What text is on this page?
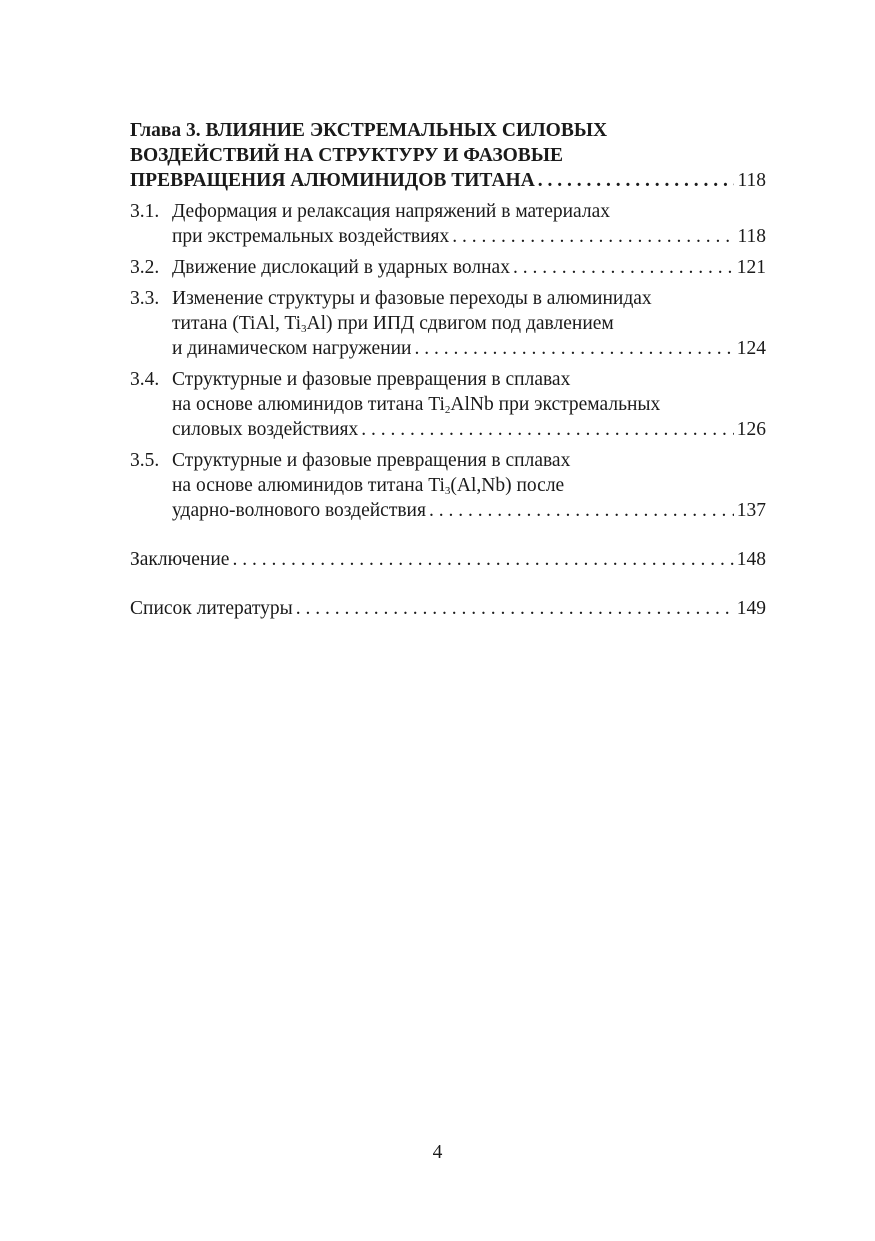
Глава 3. ВЛИЯНИЕ ЭКСТРЕМАЛЬНЫХ СИЛОВЫХ
ВОЗДЕЙСТВИЙ НА СТРУКТУРУ И ФАЗОВЫЕ
ПРЕВРАЩЕНИЯ АЛЮМИНИДОВ ТИТАНА . . .	118
3.1. Деформация и релаксация напряжений в материалах
при экстремальных воздействиях . . .	118
3.2. Движение дислокаций в ударных волнах . . .	121
3.3. Изменение структуры и фазовые переходы в алюминидах
титана (TiAl, $Ti_3Al$) при ИПД сдвигом под давлением
и динамическом нагружении . . .	124
3.4. Структурные и фазовые превращения в сплавах
на основе алюминидов титана $Ti_2AlNb$ при экстремальных
силовых воздействиях . . .	126
3.5. Структурные и фазовые превращения в сплавах
на основе алюминидов титана $Ti_3(Al,Nb)$ после
ударно-волнового воздействия . . .	137
Заключение . . .	148
Список литературы . . .	149
4
